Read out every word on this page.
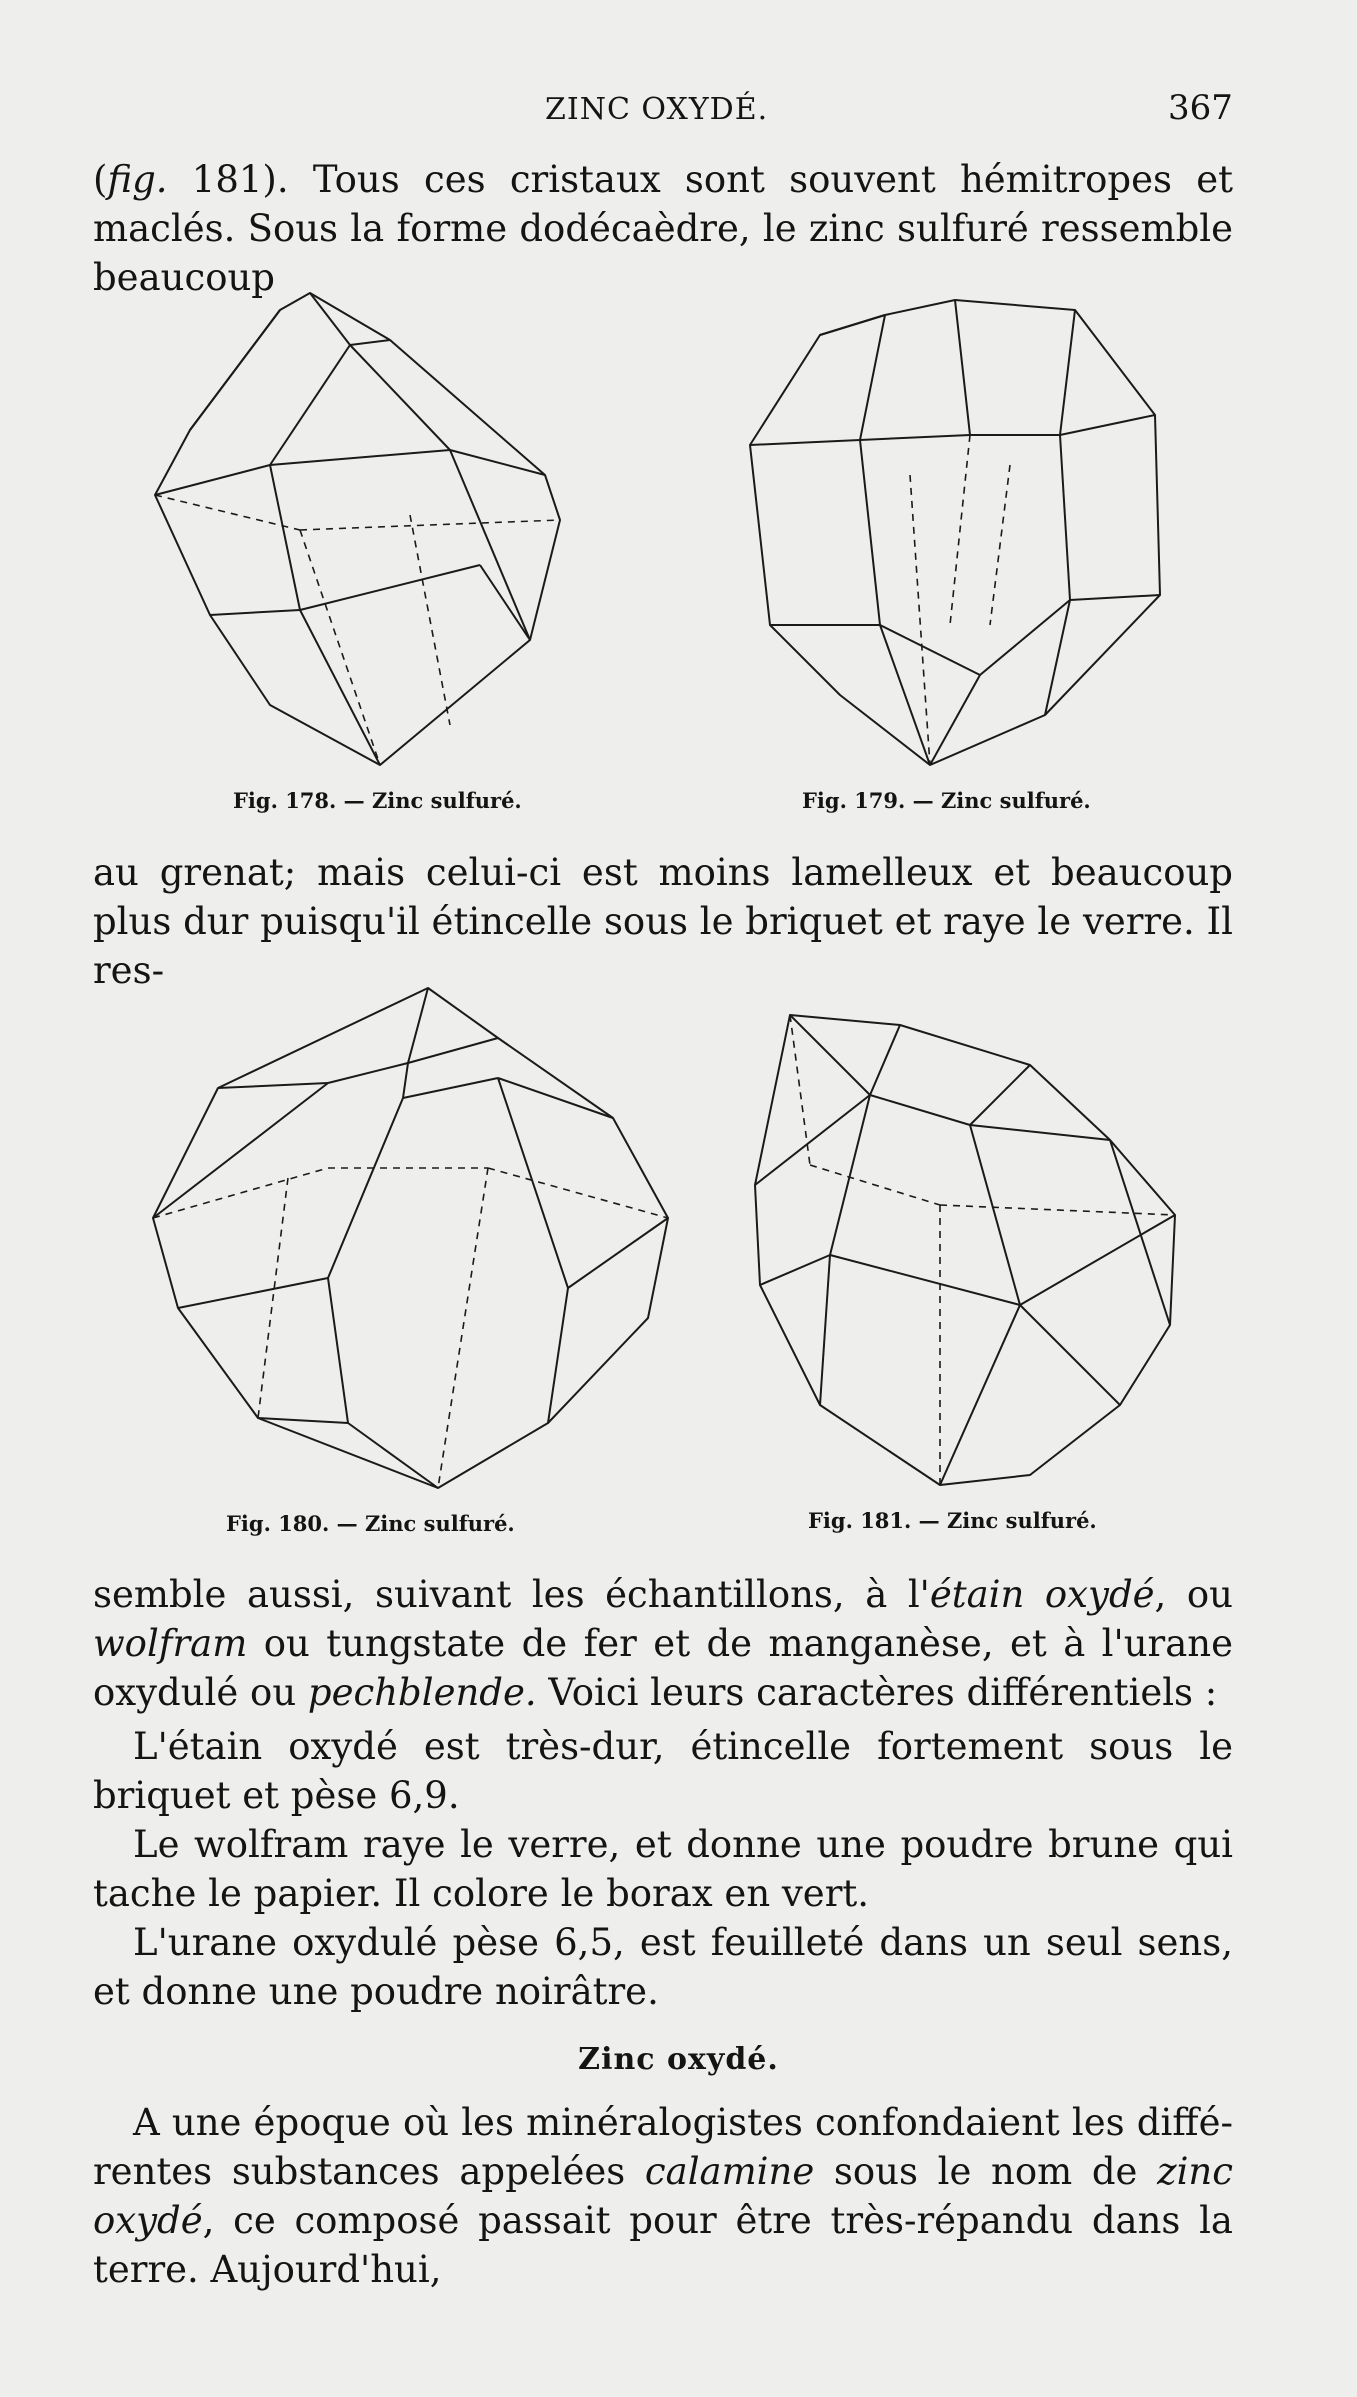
ZINC OXYDÉ.	367

(fig. 181). Tous ces cristaux sont souvent hémitropes et maclés. Sous la forme dodécaèdre, le zinc sulfuré ressemble beaucoup

Fig. 178. — Zinc sulfuré.	Fig. 179. — Zinc sulfuré.

au grenat; mais celui-ci est moins lamelleux et beaucoup plus dur puisqu'il étincelle sous le briquet et raye le verre. Il res-

Fig. 180. — Zinc sulfuré.	Fig. 181. — Zinc sulfuré.

semble aussi, suivant les échantillons, à l'étain oxydé, ou wolfram ou tungstate de fer et de manganèse, et à l'urane oxydulé ou pechblende. Voici leurs caractères différentiels :

L'étain oxydé est très-dur, étincelle fortement sous le briquet et pèse 6,9.

Le wolfram raye le verre, et donne une poudre brune qui tache le papier. Il colore le borax en vert.

L'urane oxydulé pèse 6,5, est feuilleté dans un seul sens, et donne une poudre noirâtre.

Zinc oxydé.

A une époque où les minéralogistes confondaient les différentes substances appelées calamine sous le nom de zinc oxydé, ce composé passait pour être très-répandu dans la terre. Aujourd'hui,
